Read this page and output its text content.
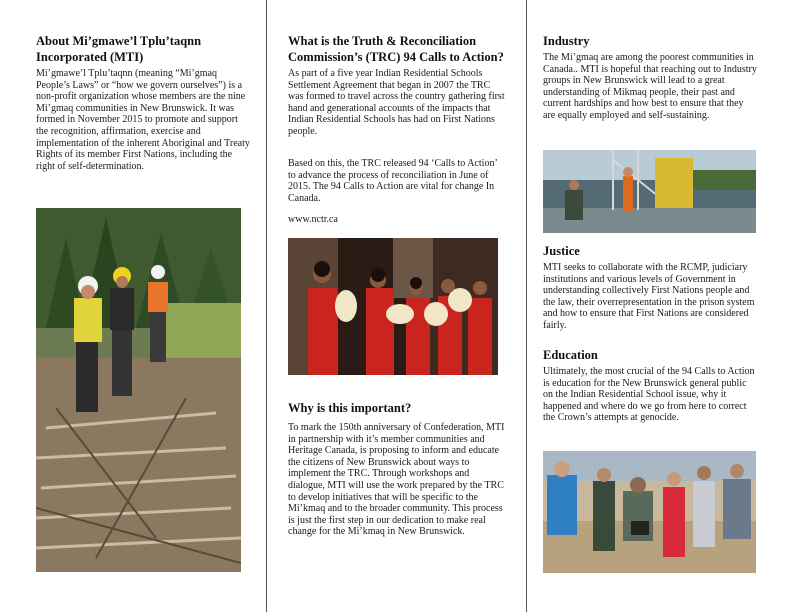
About Mi’gmawe’l Tplu’taqnn Incorporated (MTI)

Mi’gmawe’l Tplu’taqnn (meaning “Mi’gmaq People’s Laws” or “how we govern ourselves”) is a non-profit organization whose members are the nine Mi’gmaq communities in New Brunswick. It was formed in November 2015 to promote and support the recognition, affirmation, exercise and implementation of the inherent Aboriginal and Treaty Rights of its member First Nations, including the right of self-determination.

What is the Truth & Reconciliation Commission’s (TRC) 94 Calls to Action?

As part of a five year Indian Residential Schools Settlement Agreement that began in 2007 the TRC was formed to travel across the country gathering first hand and generational accounts of the impacts that Indian Residential Schools has had on First Nations people.

Based on this, the TRC released 94 ‘Calls to Action’ to advance the process of reconciliation in June of 2015. The 94 Calls to Action are vital for change In Canada.

www.nctr.ca

Why is this important?

To mark the 150th anniversary of Confederation, MTI in partnership with it’s member communities and Heritage Canada, is proposing to inform and educate the citizens of New Brunswick about ways to implement the TRC. Through workshops and dialogue, MTI will use the work prepared by the TRC to develop initiatives that will be specific to the Mi’kmaq and to the broader community. This process is just the first step in our dedication to make real change for the Mi’kmaq in New Brunswick.

Industry

The Mi’gmaq are among the poorest communities in Canada.. MTI is hopeful that reaching out to Industry groups in New Brunswick will lead to a great understanding of Mikmaq people, their past and current hardships and how best to ensure that they are equally employed and self-sustaining.

Justice

MTI seeks to collaborate with the RCMP, judiciary institutions and various levels of Government in understanding collectively First Nations people and the law, their overrepresentation in the prison system and how to ensure that First Nations are considered fairly.

Education

Ultimately, the most crucial of the 94 Calls to Action is education for the New Brunswick general public on the Indian Residential School issue, why it happened and where do we go from here to correct the Crown’s attempts at genocide.
